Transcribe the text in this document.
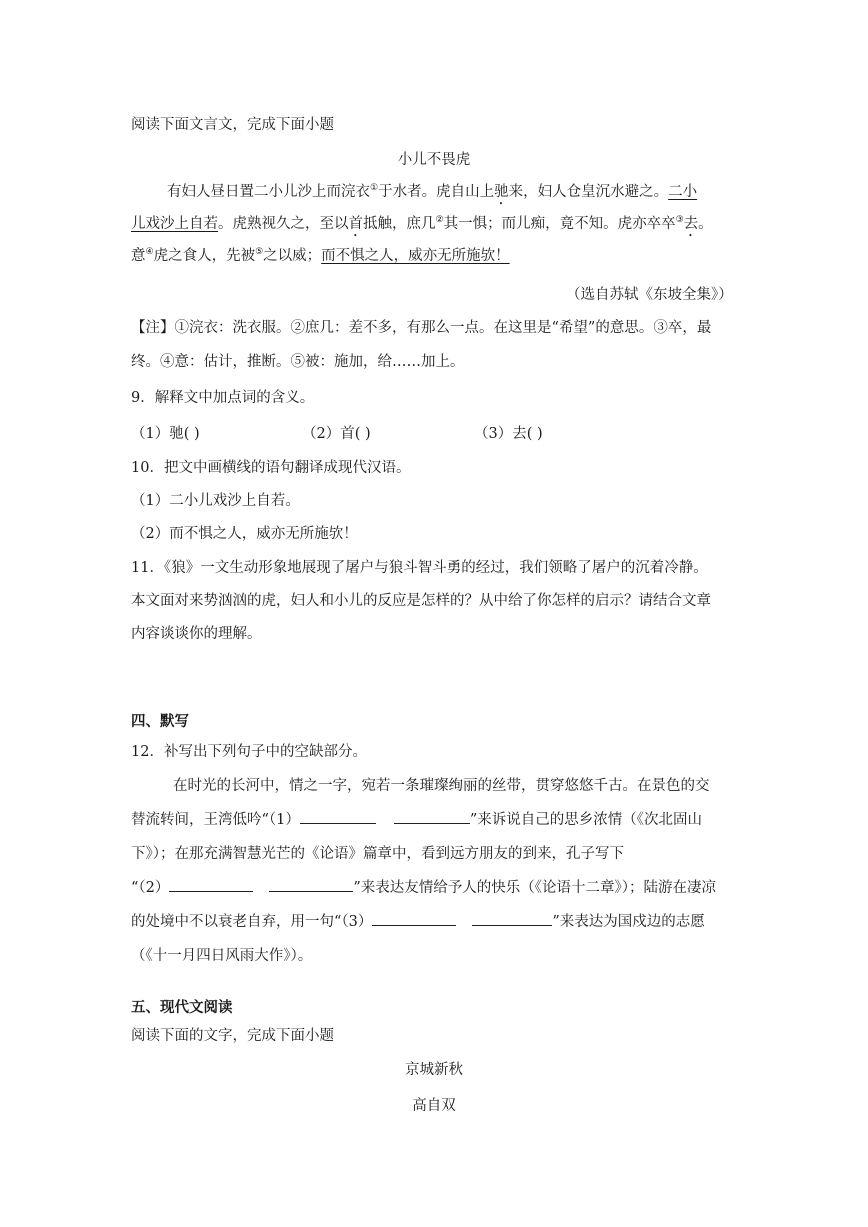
阅读下面文言文，完成下面小题
小儿不畏虎
有妇人昼日置二小儿沙上而浣衣①于水者。虎自山上驰来，妇人仓皇沉水避之。二小
儿戏沙上自若。虎熟视久之，至以首抵触，庶几②其一惧；而儿痴，竟不知。虎亦卒卒③去。
意④虎之食人，先被⑤之以威；而不惧之人，威亦无所施欤！
（选自苏轼《东坡全集》）
【注】①浣衣：洗衣服。②庶几：差不多，有那么一点。在这里是“希望”的意思。③卒，最
终。④意：估计，推断。⑤被：施加，给……加上。
9．解释文中加点词的含义。
（1）驰( )	（2）首( )	（3）去( )
10．把文中画横线的语句翻译成现代汉语。
（1）二小儿戏沙上自若。
（2）而不惧之人，威亦无所施欤！
11．《狼》一文生动形象地展现了屠户与狼斗智斗勇的经过，我们领略了屠户的沉着冷静。
本文面对来势汹汹的虎，妇人和小儿的反应是怎样的？从中给了你怎样的启示？请结合文章
内容谈谈你的理解。
四、默写
12．补写出下列句子中的空缺部分。
在时光的长河中，情之一字，宛若一条璀璨绚丽的丝带，贯穿悠悠千古。在景色的交
替流转间，王湾低吟“（1）	”来诉说自己的思乡浓情（《次北固山
下》）；在那充满智慧光芒的《论语》篇章中，看到远方朋友的到来，孔子写下
“（2）	”来表达友情给予人的快乐（《论语十二章》）；陆游在凄凉
的处境中不以衰老自弃，用一句“（3）	”来表达为国戍边的志愿
（《十一月四日风雨大作》）。
五、现代文阅读
阅读下面的文字，完成下面小题
京城新秋
高自双
